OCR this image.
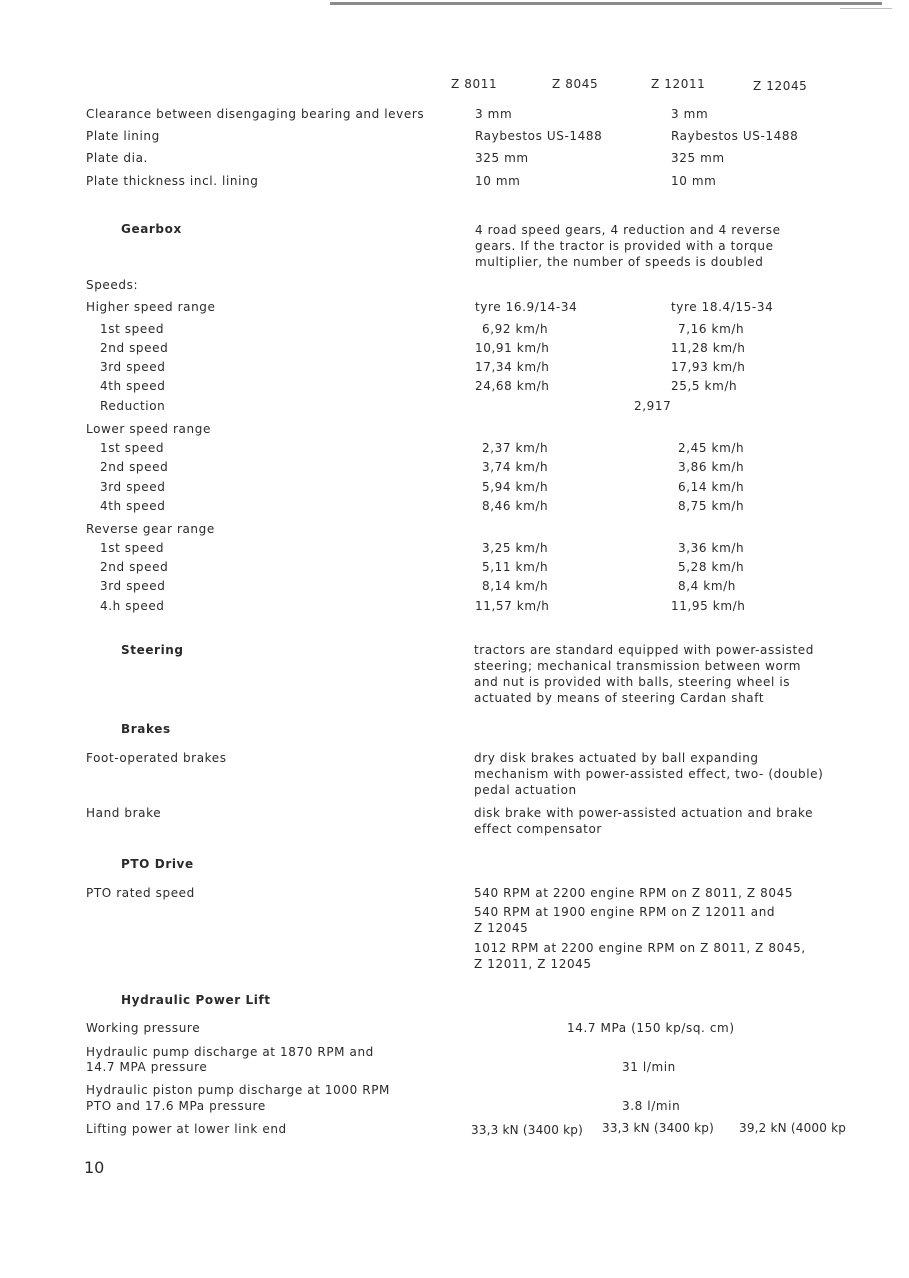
Z 8011	Z 8045	Z 12011	Z 12045
Clearance between disengaging bearing and levers	3 mm	3 mm
Plate lining	Raybestos US-1488	Raybestos US-1488
Plate dia.	325 mm	325 mm
Plate thickness incl. lining	10 mm	10 mm
Gearbox	4 road speed gears, 4 reduction and 4 reverse
gears. If the tractor is provided with a torque
multiplier, the number of speeds is doubled
Speeds:
Higher speed range	tyre 16.9/14-34	tyre 18.4/15-34
1st speed	6,92 km/h	7,16 km/h
2nd speed	10,91 km/h	11,28 km/h
3rd speed	17,34 km/h	17,93 km/h
4th speed	24,68 km/h	25,5 km/h
Reduction	2,917
Lower speed range
1st speed	2,37 km/h	2,45 km/h
2nd speed	3,74 km/h	3,86 km/h
3rd speed	5,94 km/h	6,14 km/h
4th speed	8,46 km/h	8,75 km/h
Reverse gear range
1st speed	3,25 km/h	3,36 km/h
2nd speed	5,11 km/h	5,28 km/h
3rd speed	8,14 km/h	8,4 km/h
4.h speed	11,57 km/h	11,95 km/h
Steering	tractors are standard equipped with power-assisted
steering; mechanical transmission between worm
and nut is provided with balls, steering wheel is
actuated by means of steering Cardan shaft
Brakes
Foot-operated brakes	dry disk brakes actuated by ball expanding
mechanism with power-assisted effect, two- (double)
pedal actuation
Hand brake	disk brake with power-assisted actuation and brake
effect compensator
PTO Drive
PTO rated speed	540 RPM at 2200 engine RPM on Z 8011, Z 8045
540 RPM at 1900 engine RPM on Z 12011 and
Z 12045
1012 RPM at 2200 engine RPM on Z 8011, Z 8045,
Z 12011, Z 12045
Hydraulic Power Lift
Working pressure	14.7 MPa (150 kp/sq. cm)
Hydraulic pump discharge at 1870 RPM and
14.7 MPA pressure	31 l/min
Hydraulic piston pump discharge at 1000 RPM
PTO and 17.6 MPa pressure	3.8 l/min
Lifting power at lower link end	33,3 kN (3400 kp) 33,3 kN (3400 kp) 39,2 kN (4000 kp
10
